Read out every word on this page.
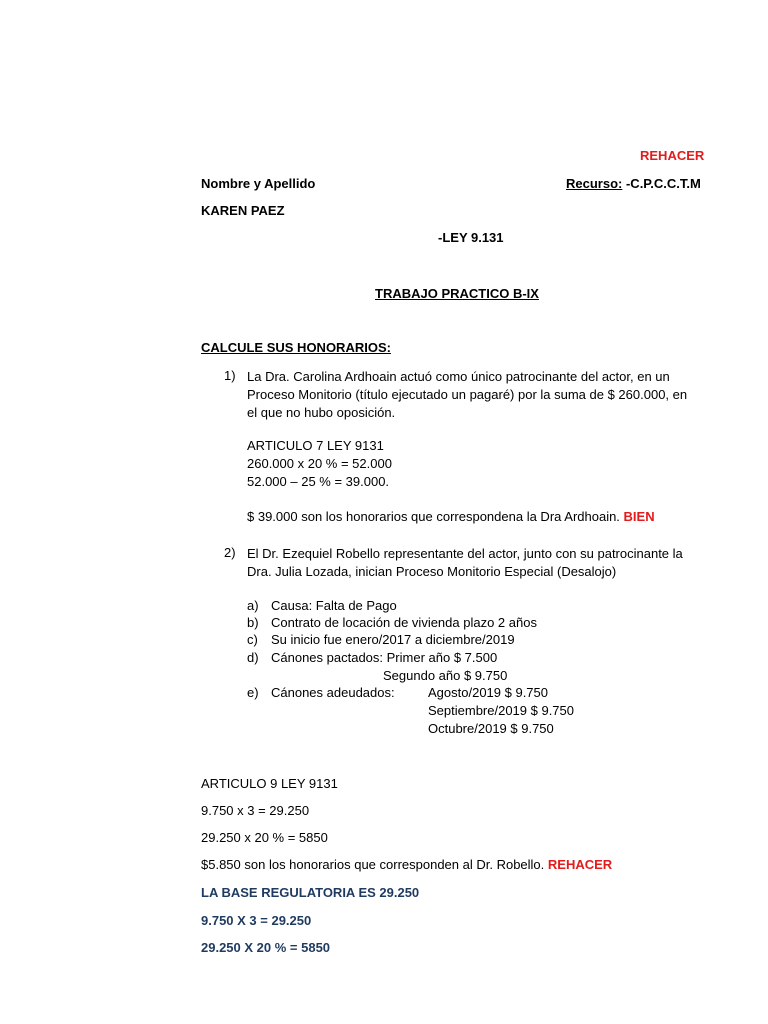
REHACER
Nombre y Apellido	Recurso: -C.P.C.C.T.M
KAREN PAEZ
-LEY 9.131
TRABAJO PRACTICO B-IX
CALCULE SUS HONORARIOS:
1) La Dra. Carolina Ardhoain actuó como único patrocinante del actor, en un Proceso Monitorio (título ejecutado un pagaré) por la suma de $ 260.000, en el que no hubo oposición.
ARTICULO 7 LEY 9131
260.000 x 20 % = 52.000
52.000 – 25 % = 39.000.
$ 39.000 son los honorarios que correspondena la Dra Ardhoain. BIEN
2) El Dr. Ezequiel Robello representante del actor, junto con su patrocinante la Dra. Julia Lozada, inician Proceso Monitorio Especial (Desalojo)
a) Causa: Falta de Pago
b) Contrato de locación de vivienda plazo 2 años
c) Su inicio fue enero/2017 a diciembre/2019
d) Cánones pactados: Primer año $ 7.500
Segundo año $ 9.750
e) Cánones adeudados:	Agosto/2019 $ 9.750
Septiembre/2019 $ 9.750
Octubre/2019 $ 9.750
ARTICULO 9 LEY 9131
9.750 x 3 = 29.250
29.250 x 20 % = 5850
$5.850 son los honorarios que corresponden al Dr. Robello. REHACER
LA BASE REGULATORIA ES 29.250
9.750 X 3 = 29.250
29.250 X 20 % = 5850
